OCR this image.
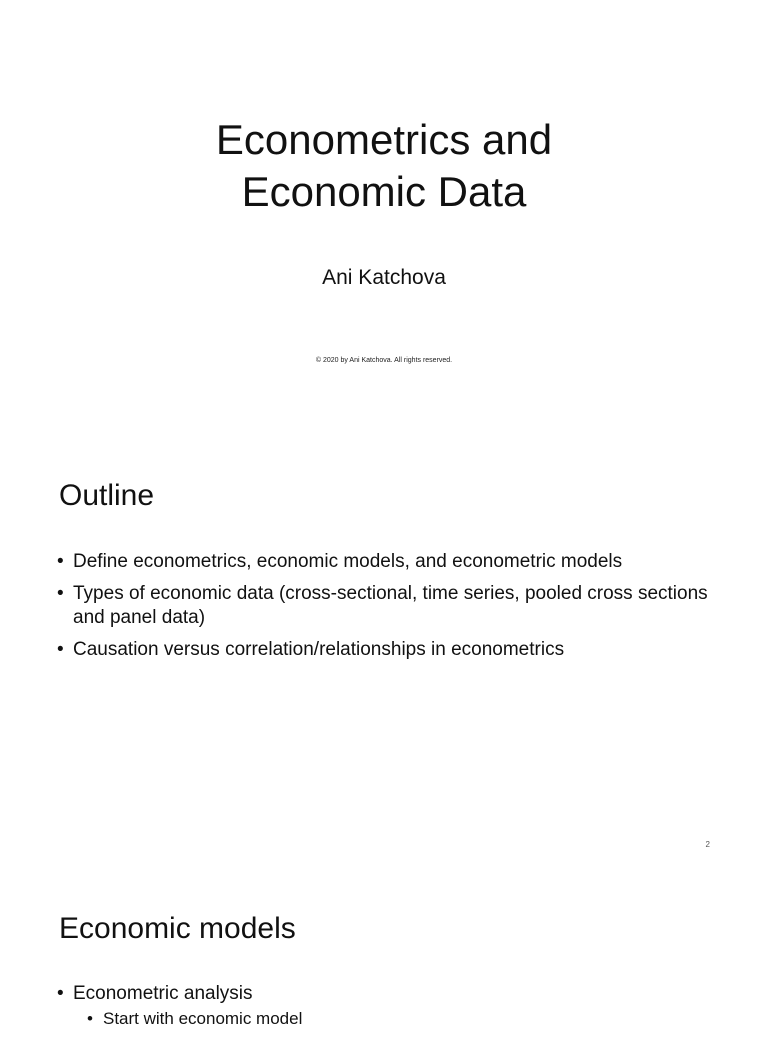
Econometrics and
Economic Data
Ani Katchova
© 2020 by Ani Katchova. All rights reserved.
Outline
• Define econometrics, economic models, and econometric models
• Types of economic data (cross-sectional, time series, pooled cross sections and panel data)
• Causation versus correlation/relationships in econometrics
2
Economic models
• Econometric analysis
• Start with economic model
